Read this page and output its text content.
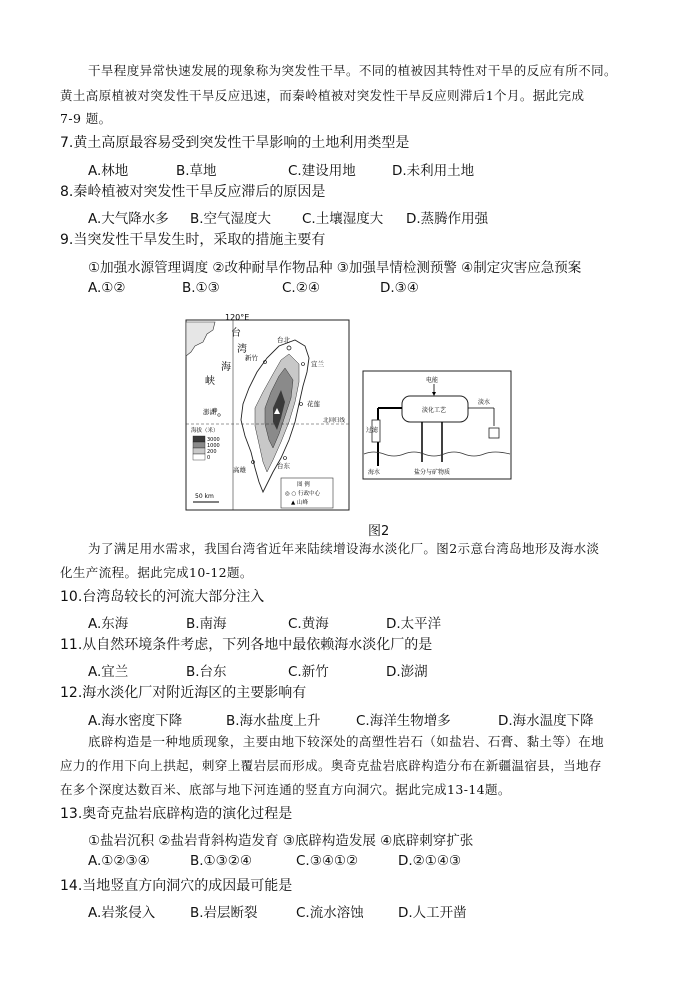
干旱程度异常快速发展的现象称为突发性干旱。不同的植被因其特性对干旱的反应有所不同。
黄土高原植被对突发性干旱反应迅速，而秦岭植被对突发性干旱反应则滞后1个月。据此完成
7-9 题。
7.黄土高原最容易受到突发性干旱影响的土地利用类型是
A.林地	B.草地	C.建设用地	D.未利用土地
8.秦岭植被对突发性干旱反应滞后的原因是
A.大气降水多 B.空气湿度大 C.土壤湿度大 D.蒸腾作用强
9.当突发性干旱发生时，采取的措施主要有
①加强水源管理调度 ②改种耐旱作物品种 ③加强旱情检测预警 ④制定灾害应急预案
A.①②	B.①③	C.②④	D.③④
120°E
台
湾
海
峡
台北
新竹
宜兰
澎湖
花莲
北回归线
台东
高雄
海拔（米）
3000
1000
200
0
50 km
图 例
◎ ○ 行政中心
▲ 山峰
电能
淡化工艺
淡水
过滤
海水	盐分与矿物质
图2
为了满足用水需求，我国台湾省近年来陆续增设海水淡化厂。图2示意台湾岛地形及海水淡
化生产流程。据此完成10-12题。
10.台湾岛较长的河流大部分注入
A.东海	B.南海	C.黄海	D.太平洋
11.从自然环境条件考虑，下列各地中最依赖海水淡化厂的是
A.宜兰	B.台东	C.新竹	D.澎湖
12.海水淡化厂对附近海区的主要影响有
A.海水密度下降	B.海水盐度上升	C.海洋生物增多	D.海水温度下降
底辟构造是一种地质现象，主要由地下较深处的高塑性岩石（如盐岩、石膏、黏土等）在地
应力的作用下向上拱起，刺穿上覆岩层而形成。奥奇克盐岩底辟构造分布在新疆温宿县，当地存
在多个深度达数百米、底部与地下河连通的竖直方向洞穴。据此完成13-14题。
13.奥奇克盐岩底辟构造的演化过程是
①盐岩沉积 ②盐岩背斜构造发育 ③底辟构造发展 ④底辟刺穿扩张
A.①②③④	B.①③②④	C.③④①②	D.②①④③
14.当地竖直方向洞穴的成因最可能是
A.岩浆侵入	B.岩层断裂	C.流水溶蚀	D.人工开凿
